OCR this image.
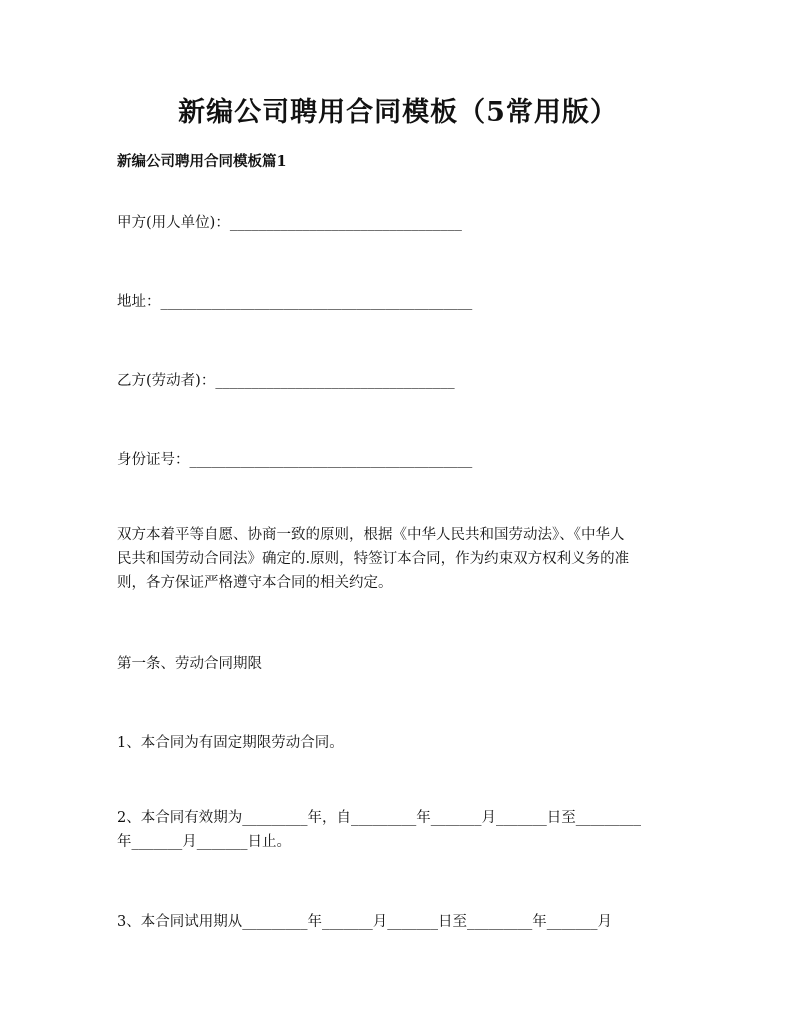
新编公司聘用合同模板（5常用版）

新编公司聘用合同模板篇1

甲方(用人单位)：________________________________

地址：___________________________________________

乙方(劳动者)：_________________________________

身份证号：_______________________________________

双方本着平等自愿、协商一致的原则，根据《中华人民共和国劳动法》、《中华人
民共和国劳动合同法》确定的.原则，特签订本合同，作为约束双方权利义务的准
则，各方保证严格遵守本合同的相关约定。

第一条、劳动合同期限

1、本合同为有固定期限劳动合同。

2、本合同有效期为_________年，自_________年_______月_______日至_________
年_______月_______日止。

3、本合同试用期从_________年_______月_______日至_________年_______月
